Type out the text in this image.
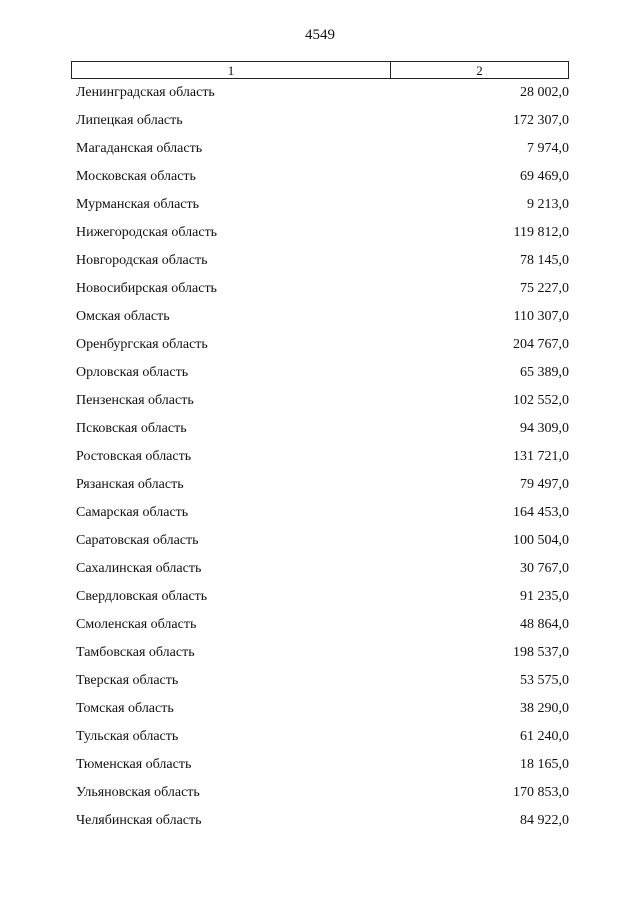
4549
1	2
Ленинградская область	28 002,0
Липецкая область	172 307,0
Магаданская область	7 974,0
Московская область	69 469,0
Мурманская область	9 213,0
Нижегородская область	119 812,0
Новгородская область	78 145,0
Новосибирская область	75 227,0
Омская область	110 307,0
Оренбургская область	204 767,0
Орловская область	65 389,0
Пензенская область	102 552,0
Псковская область	94 309,0
Ростовская область	131 721,0
Рязанская область	79 497,0
Самарская область	164 453,0
Саратовская область	100 504,0
Сахалинская область	30 767,0
Свердловская область	91 235,0
Смоленская область	48 864,0
Тамбовская область	198 537,0
Тверская область	53 575,0
Томская область	38 290,0
Тульская область	61 240,0
Тюменская область	18 165,0
Ульяновская область	170 853,0
Челябинская область	84 922,0
